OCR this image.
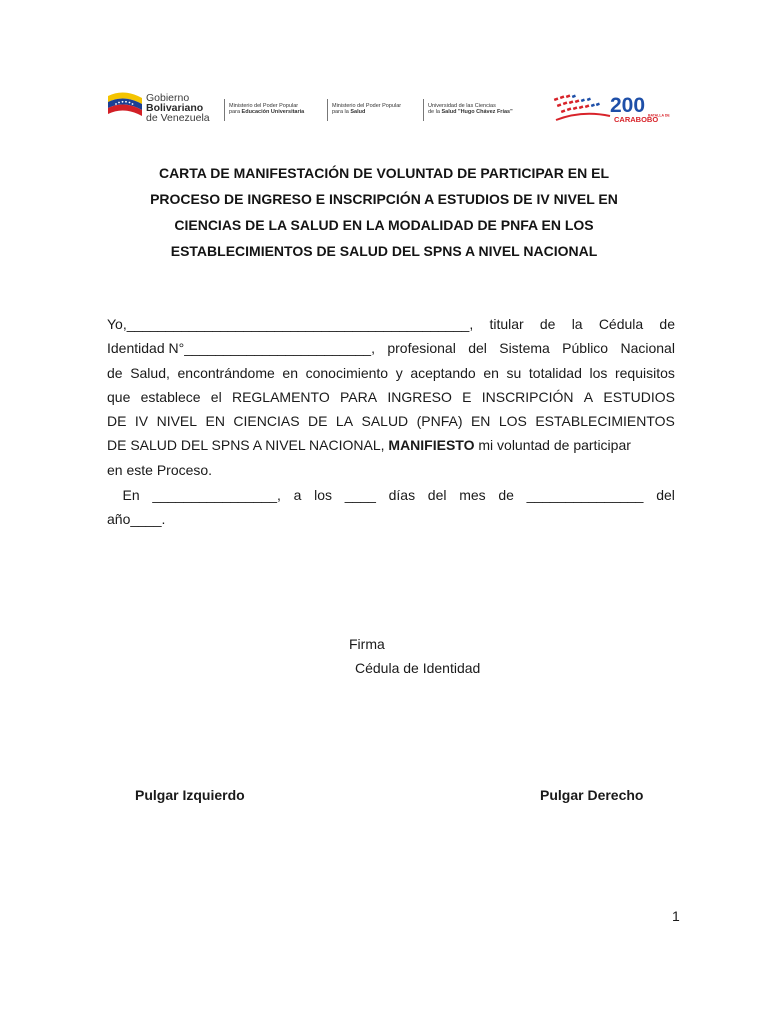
Gobierno
Bolivariano
de Venezuela
Ministerio del Poder Popular
para Educación Universitaria
Ministerio del Poder Popular
para la Salud
Universidad de las Ciencias
de la Salud "Hugo Chávez Frías"	200 BATALLA DE
CARABOBO
CARTA DE MANIFESTACIÓN DE VOLUNTAD DE PARTICIPAR EN EL
PROCESO DE INGRESO E INSCRIPCIÓN A ESTUDIOS DE IV NIVEL EN
CIENCIAS DE LA SALUD EN LA MODALIDAD DE PNFA EN LOS
ESTABLECIMIENTOS DE SALUD DEL SPNS A NIVEL NACIONAL
Yo,____________________________________________, titular de la Cédula de
Identidad N°________________________, profesional del Sistema Público Nacional
de Salud, encontrándome en conocimiento y aceptando en su totalidad los requisitos
que establece el REGLAMENTO PARA INGRESO E INSCRIPCIÓN A ESTUDIOS
DE IV NIVEL EN CIENCIAS DE LA SALUD (PNFA) EN LOS ESTABLECIMIENTOS
DE SALUD DEL SPNS A NIVEL NACIONAL, MANIFIESTO mi voluntad de participar
en este Proceso.
En ________________, a los ____ días del mes de _______________ del
año____.
Firma
Cédula de Identidad
Pulgar Izquierdo	Pulgar Derecho
1
